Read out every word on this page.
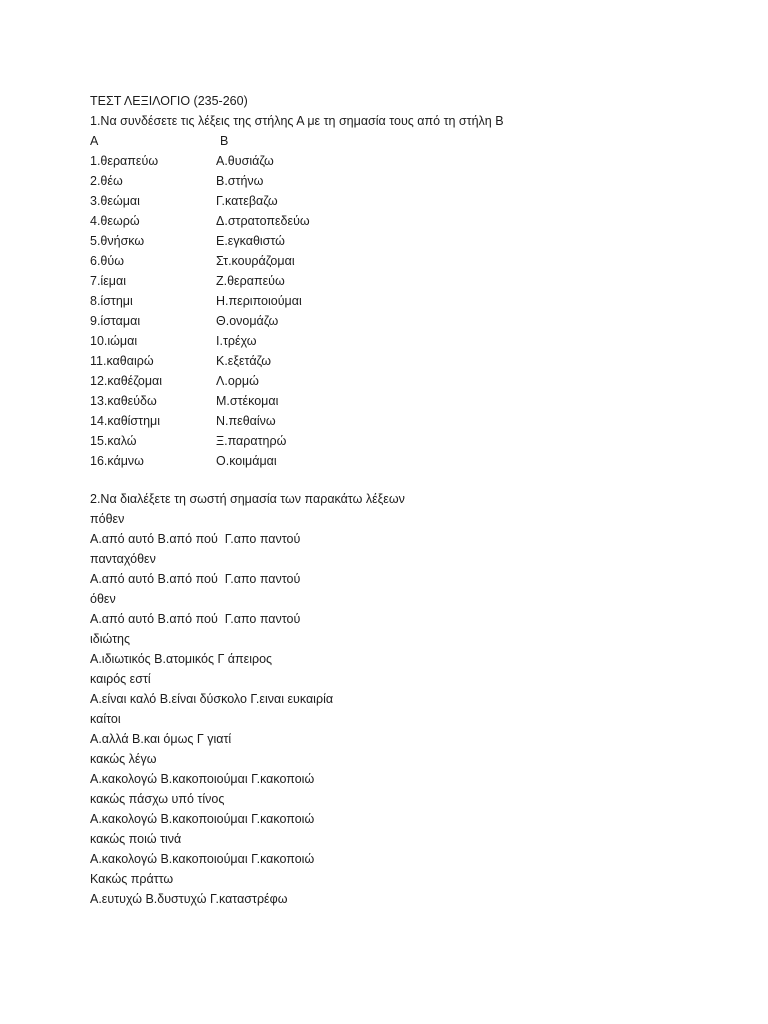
ΤΕΣΤ ΛΕΞΙΛΟΓΙΟ (235-260)
1.Να συνδέσετε τις λέξεις της στήλης Α με τη σημασία τους από τη στήλη Β
Α	Β
1.θεραπεύω	Α.θυσιάζω
2.θέω	Β.στήνω
3.θεώμαι	Γ.κατεβαζω
4.θεωρώ	Δ.στρατοπεδεύω
5.θνήσκω	Ε.εγκαθιστώ
6.θύω	Στ.κουράζομαι
7.ίεμαι	Ζ.θεραπεύω
8.ίστημι	Η.περιποιούμαι
9.ίσταμαι	Θ.ονομάζω
10.ιώμαι	Ι.τρέχω
11.καθαιρώ	Κ.εξετάζω
12.καθέζομαι	Λ.ορμώ
13.καθεύδω	Μ.στέκομαι
14.καθίστημι	Ν.πεθαίνω
15.καλώ	Ξ.παρατηρώ
16.κάμνω	Ο.κοιμάμαι
2.Να διαλέξετε τη σωστή σημασία των παρακάτω λέξεων
πόθεν
Α.από αυτό Β.από πού  Γ.απο παντού
πανταχόθεν
Α.από αυτό Β.από πού  Γ.απο παντού
όθεν
Α.από αυτό Β.από πού  Γ.απο παντού
ιδιώτης
Α.ιδιωτικός Β.ατομικός Γ άπειρος
καιρός εστί
Α.είναι καλό Β.είναι δύσκολο Γ.ειναι ευκαιρία
καίτοι
Α.αλλά Β.και όμως Γ γιατί
κακώς λέγω
Α.κακολογώ Β.κακοποιούμαι Γ.κακοποιώ
κακώς πάσχω υπό τίνος
Α.κακολογώ Β.κακοποιούμαι Γ.κακοποιώ
κακώς ποιώ τινά
Α.κακολογώ Β.κακοποιούμαι Γ.κακοποιώ
Κακώς πράττω
Α.ευτυχώ Β.δυστυχώ Γ.καταστρέφω
